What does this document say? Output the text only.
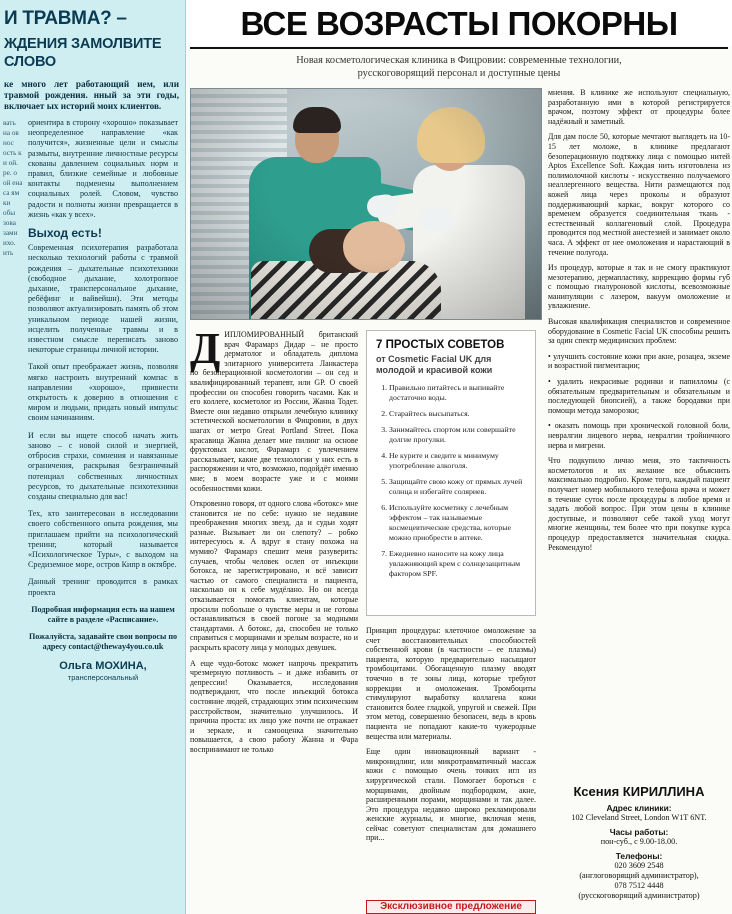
И ТРАВМА? –
ЖДЕНИЯ ЗАМОЛВИТЕ СЛОВО
ке много лет работающий ием, или травмой рождения. нный за эти годы, включает ых историй моих клиентов.
вать на ов нос ость к и ой. ре. о ой ена са ям ки обы зова зами ихо. ить

ориентира в сторону «хорошо» показывает неопределенное направление «как получится», жизненные цели и смыслы размыты, внутренние личностные ресурсы скованы давлением социальных норм и правил, близкие семейные и любовные контакты подменены выполнением социальных ролей. Словом, чувство радости и полноты жизни превращается в жизнь «как у всех».

Выход есть!

Современная психотерапия разработала несколько технологий работы с травмой рождения – дыхательные психотехники (свободное дыхание, холотропное дыхание, трансперсональное дыхание, ребёфинг и вайвейшн). Эти методы позволяют актуализировать память об этом уникальном периоде нашей жизни, исцелить полученные травмы и в известном смысле переписать заново некоторые страницы личной истории.

Такой опыт преображает жизнь, позволяя мягко настроить внутренний компас в направлении «хорошо», привнести открытость к доверию в отношения с миром и людьми, придать новый импульс своим начинаниям.

И если вы ищете способ начать жить заново – с новой силой и энергией, отбросив страхи, сомнения и навязанные ограничения, раскрывая безграничный потенциал собственных личностных ресурсов, то дыхательные психотехники созданы специально для вас!

Тех, кто заинтересован в исследовании своего собственного опыта рождения, мы приглашаем прийти на психологический тренинг, который называется «Психологическое Туры», с выходом на Средиземное море, остров Кипр в октябре.

Данный тренинг проводится в рамках проекта

Подробная информация есть на нашем сайте в разделе «Расписание».

Пожалуйста, задавайте свои вопросы по адресу contact@theway4you.co.uk

Ольга МОХИНА,
трансперсональный
ВСЕ ВОЗРАСТЫ ПОКОРНЫ
Новая косметологическая клиника в Фицровии: современные технологии,
русскоговорящий персонал и доступные цены

ДИПЛОМИРОВАННЫЙ британский врач Фарамарз Дидар – не просто дерматолог и обладатель диплома элитарного университета Ланкастера по безоперационной косметологии – он сед и квалифицированный терапевт, или GP. О своей профессии он способен говорить часами. Как и его коллеге, косметолог из России, Жанна Тодет. Вместе они недавно открыли лечебную клинику эстетической косметологии в Фицровии, в двух шагах от метро Great Portland Street. Пока красавица Жанна делает мне пилинг на основе фруктовых кислот, Фарамарз с увлечением рассказывает, какие две технологии у них есть в распоряжении и что, возможно, подойдёт именно мне; в моем возрасте уже и с моими особенностями кожи.

Откровенно говоря, от одного слова «ботокс» мне становится не по себе: нужно не недавние преображения многих звезд, да и судьи ходят разные. Вызывает ли он слепоту? – робко интересуюсь я. А вдруг я стану похожа на мумию? Фарамарз спешит меня разуверить: случаев, чтобы человек ослеп от инъекции ботокса, не зарегистрировано, и всё зависит частью от самого специалиста и пациента, насколько он к себе мудёлано. Но он всегда отказывается помогать клиентам, которые просили побольше о чувстве меры и не готовы останавливаться в своей погоне за модными стандартами. А ботокс, да, способен не только справиться с морщинами и зрелым возрасте, но и раскрыть красоту лица у молодых девушек.

А еще чудо-ботокс может напрочь прекратить чрезмерную потливость – и даже избавить от депрессии! Оказывается, исследования подтверждают, что после инъекций ботокса состояние людей, страдающих этим психическим расстройством, значительно улучшилось. И причина проста: их лицо уже почти не отражает и зеркале, и самооценка значительно повышается, а свою работу Жанна и Фара воспринимают не только

7 ПРОСТЫХ СОВЕТОВ
от Cosmetic Facial UK для молодой и красивой кожи
1. Правильно питайтесь и выпивайте достаточно воды.
2. Старайтесь высыпаться.
3. Занимайтесь спортом или совершайте долгие прогулки.
4. Не курите и сведите к минимуму употребление алкоголя.
5. Защищайте свою кожу от прямых лучей солнца и избегайте соляриев.
6. Используйте косметику с лечебным эффектом – так называемые космецевтические средства, которые можно приобрести в аптеке.
7. Ежедневно наносите на кожу лица увлажняющий крем с солнцезащитным фактором SPF.

Принцип процедуры: клеточное омоложение за счет восстановительных способностей собственной крови (в частности – ее плазмы) пациента, которую предварительно насыщают тромбоцитами. Обогащенную плазму вводят точечно в те зоны лица, которые требуют коррекции и омоложения. Тромбоциты стимулируют выработку коллагена кожи становится более гладкой, упругой и свежей. При этом метод, совершенно безопасен, ведь в кровь пациента не попадают какие-то чужеродные вещества или материалы.

Еще один инновационный вариант - микронидлинг, или микротравматичный массаж кожи с помощью очень тонких игл из хирургической стали. Помогает бороться с морщинами, двойным подбородком, акне, расширенными порами, морщинами и так далее. Это процедура недавно широко рекламировали женские журналы, и многие, включая меня, сейчас советуют специалистам для домашнего при...

мнения. В клинике же используют специальную, разработанную ими в которой регистрируется врачом, поэтому эффект от процедуры более надёжный и заметный.

Для дам после 50, которые мечтают выглядеть на 10-15 лет моложе, в клинике предлагают безоперационную подтяжку лица с помощью нитей Aptos Excellence Soft. Каждая нить изготовлена из полимолочной кислоты - искусственно получаемого неаллергенного вещества. Нити размещаются под кожей лица через проколы и образуют поддерживающий каркас, вокруг которого со временем образуется соединительная ткань - естественный коллагеновый слой. Процедура проводится под местной анестезией и занимает около часа. А эффект от нее омоложения и нарастающий в течение полугода.

Из процедур, которые я так и не смогу практикуют мезотерапию, дермапластику, коррекцию формы губ с помощью гиалуроновой кислоты, всевозможные манипуляции с лазером, вакуум омоложение и увлажнение.

Высокая квалификация специалистов и современное оборудование в Cosmetic Facial UK способны решить за один спектр медицинских проблем:

• улучшить состояние кожи при акне, розацеа, экземе и возрастной пигментации;

• удалить некрасивые родинки и папилломы (с обязательным предварительным и обязательным и последующей биопсией), а также бородавки при помощи метода заморозки;

• оказать помощь при хронической головной боли, невралгии лицевого нерва, невралгии тройничного нерва и мигрени.

Что подкупило лично меня, это тактичность косметологов и их желание все объяснить максимально подробно. Кроме того, каждый пациент получает номер мобильного телефона врача и может в течение суток после процедуры в любое время и задать любой вопрос. При этом цены в клинике доступные, и позволяют себе такой уход могут многие женщины, тем более что при покупке курса процедур предоставляется значительная скидка. Рекомендую!

Ксения КИРИЛЛИНА
Адрес клиники:
102 Cleveland Street, London W1T 6NT.
Часы работы:
пон-суб., с 9.00-18.00.
Телефоны:
020 3609 2548
(англоговорящий администратор),
078 7512 4448
(русскоговорящий администратор)
Эксклюзивное предложение
